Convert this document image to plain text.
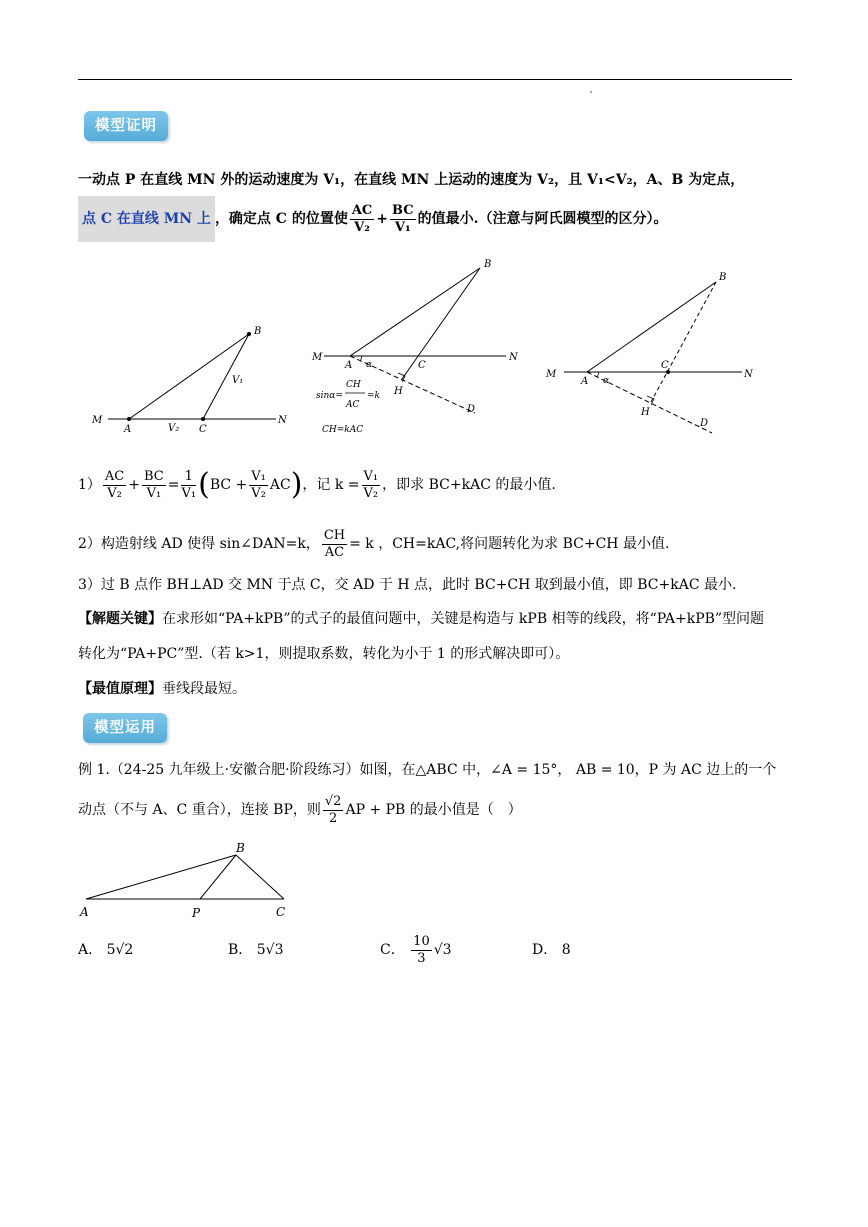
模型证明
一动点 P 在直线 MN 外的运动速度为 V₁，在直线 MN 上运动的速度为 V₂，且 V₁<V₂，A、B 为定点，
点 C 在直线 MN 上 ，确定点 C 的位置使 $\frac{AC}{\text{V₂}} + \frac{BC}{\text{V₁}}$ 的值最小.（注意与阿氏圆模型的区分）。
M	N
A
B
C
V₁
V₂
M	N
A
B
C
H
D
α
sinα=
CH
AC
=k
CH=kAC
M	N
A
B
C
H
D
α
$1) \frac{AC}{\text{V₂}} + \frac{BC}{\text{V₁}} = \frac{1}{\text{V₁}} (BC + \frac{\text{V₁}}{\text{V₂}} AC)$，记 $k = \frac{\text{V₁}}{\text{V₂}}$ ，即求 BC+kAC 的最小值.
2）构造射线 AD 使得 sin∠DAN=k， $\frac{CH}{AC} = k$ ，CH=kAC,将问题转化为求 BC+CH 最小值.
3）过 B 点作 BH⊥AD 交 MN 于点 C，交 AD 于 H 点，此时 BC+CH 取到最小值，即 BC+kAC 最小.
【解题关键】在求形如“PA+kPB”的式子的最值问题中，关键是构造与 kPB 相等的线段，将“PA+kPB”型问题
转化为“PA+PC”型.（若 k>1，则提取系数，转化为小于 1 的形式解决即可）。
【最值原理】垂线段最短。
模型运用
例 1.（24-25 九年级上·安徽合肥·阶段练习）如图，在△ABC 中，∠A = 15°， AB = 10，P 为 AC 边上的一个
动点（不与 A、C 重合），连接 BP，则 $\frac{√2}{2}$ AP + PB 的最小值是（　）
A
B
P	C
A． 5√2	B． 5√3	C． $\frac{10}{3} √3$	D． 8
